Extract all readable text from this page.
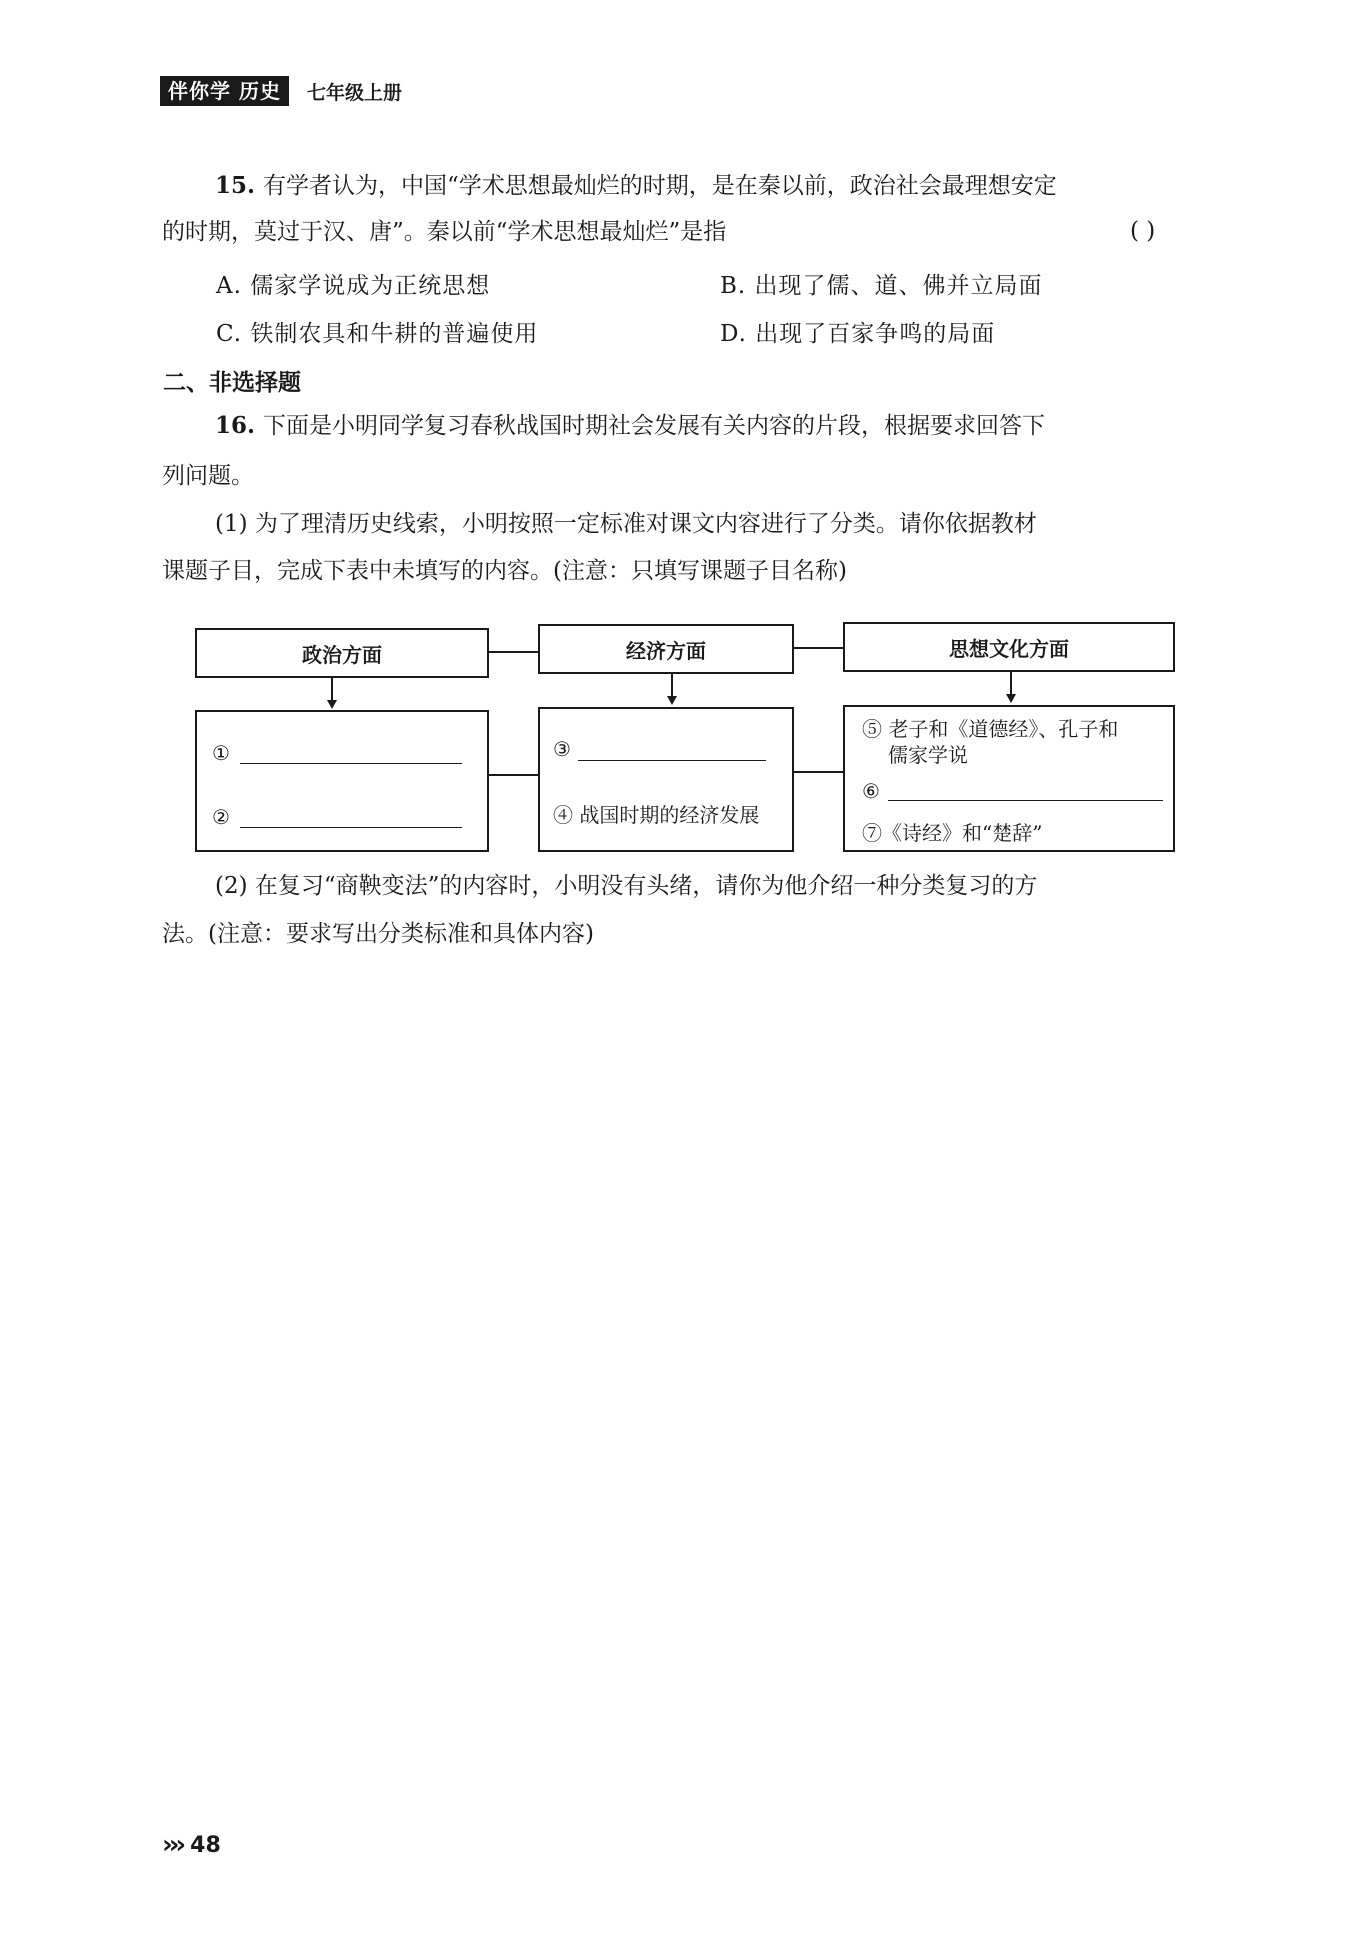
伴你学 历史	七年级上册
15. 有学者认为，中国“学术思想最灿烂的时期，是在秦以前，政治社会最理想安定
的时期，莫过于汉、唐”。秦以前“学术思想最灿烂”是指	( )
A. 儒家学说成为正统思想	B. 出现了儒、道、佛并立局面
C. 铁制农具和牛耕的普遍使用	D. 出现了百家争鸣的局面
二、非选择题
16. 下面是小明同学复习春秋战国时期社会发展有关内容的片段，根据要求回答下
列问题。
(1) 为了理清历史线索，小明按照一定标准对课文内容进行了分类。请你依据教材
课题子目，完成下表中未填写的内容。(注意：只填写课题子目名称)
政治方面	经济方面	思想文化方面
①
②
③
④ 战国时期的经济发展
⑤ 老子和《道德经》、孔子和
儒家学说
⑥
⑦《诗经》和“楚辞”
(2) 在复习“商鞅变法”的内容时，小明没有头绪，请你为他介绍一种分类复习的方
法。(注意：要求写出分类标准和具体内容)
››› 48
